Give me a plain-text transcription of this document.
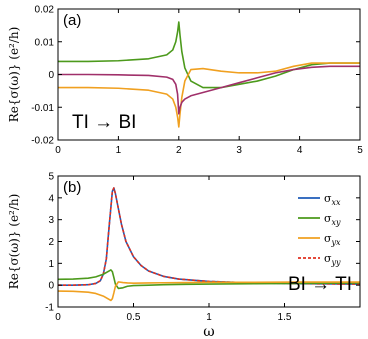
-0.02
-0.01
0
0.01
0.02
0	1	2	3	4	5
Re{σ(ω)} (e²/h)
(a)
TI → BI
-1
0
1
2
3
4
5
0	0.5	1	1.5
Re{σ(ω)} (e²/h)
ω
(b)
BI → TI
$\sigma_{xx}$
$\sigma_{xy}$
$\sigma_{yx}$
$\sigma_{yy}$
